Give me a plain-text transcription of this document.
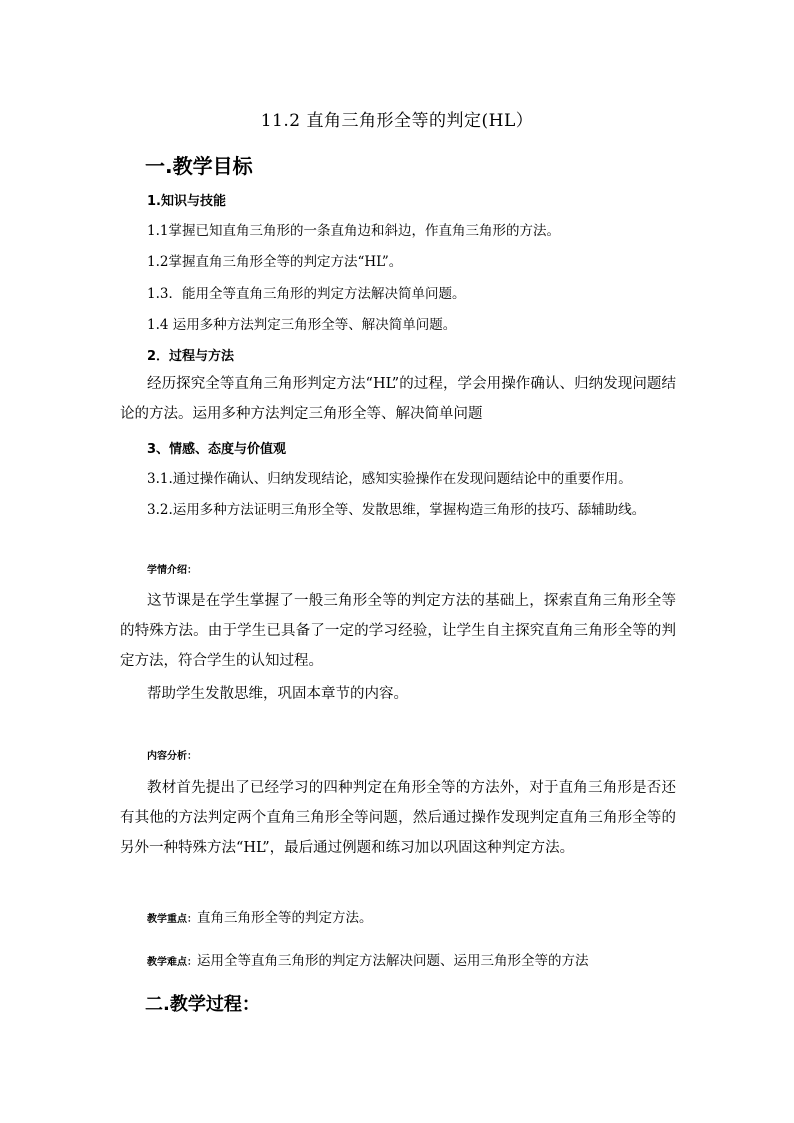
11.2 直角三角形全等的判定(HL）
一.教学目标
1.知识与技能
1.1掌握已知直角三角形的一条直角边和斜边，作直角三角形的方法。
1.2掌握直角三角形全等的判定方法“HL”。
1.3．能用全等直角三角形的判定方法解决简单问题。
1.4 运用多种方法判定三角形全等、解决简单问题。
2．过程与方法
经历探究全等直角三角形判定方法“HL”的过程，学会用操作确认、归纳发现问题结论的方法。运用多种方法判定三角形全等、解决简单问题
3、情感、态度与价值观
3.1.通过操作确认、归纳发现结论，感知实验操作在发现问题结论中的重要作用。
3.2.运用多种方法证明三角形全等、发散思维，掌握构造三角形的技巧、舔辅助线。
学情介绍：
这节课是在学生掌握了一般三角形全等的判定方法的基础上，探索直角三角形全等的特殊方法。由于学生已具备了一定的学习经验，让学生自主探究直角三角形全等的判定方法，符合学生的认知过程。
帮助学生发散思维，巩固本章节的内容。
内容分析：
教材首先提出了已经学习的四种判定在角形全等的方法外，对于直角三角形是否还有其他的方法判定两个直角三角形全等问题，然后通过操作发现判定直角三角形全等的另外一种特殊方法“HL”，最后通过例题和练习加以巩固这种判定方法。
教学重点：直角三角形全等的判定方法。
教学难点：运用全等直角三角形的判定方法解决问题、运用三角形全等的方法
二.教学过程：
